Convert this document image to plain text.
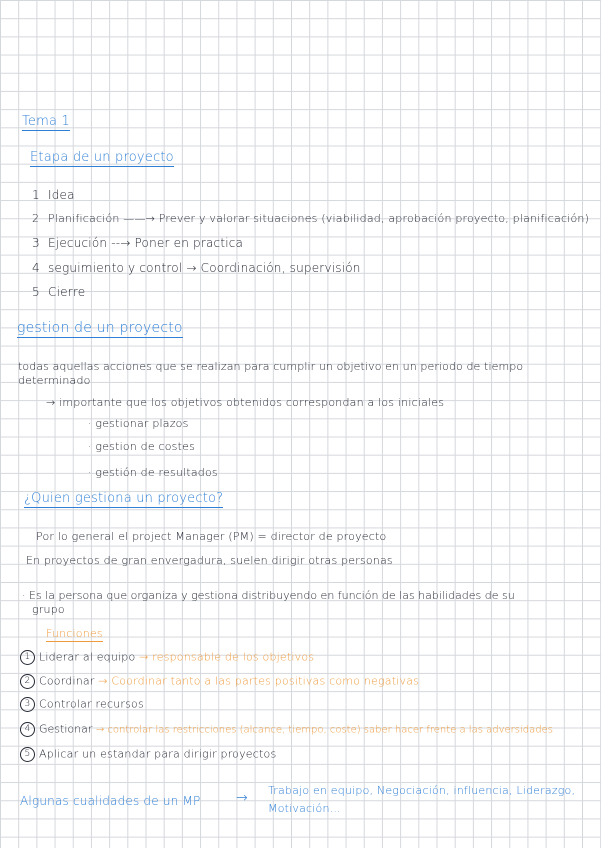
Tema 1
Etapa de un proyecto
1 Idea
2 Planificación ——→ Prever y valorar situaciones (viabilidad, aprobación proyecto, planificación)
3 Ejecución --→ Poner en practica
4 seguimiento y control → Coordinación, supervisión
5 Cierre
gestion de un proyecto
todas aquellas acciones que se realizan para cumplir un objetivo en un periodo de tiempo
determinado
→ importante que los objetivos obtenidos correspondan a los iniciales
· gestionar plazos
· gestion de costes
· gestión de resultados
¿Quien gestiona un proyecto?
Por lo general el project Manager (PM) = director de proyecto
En proyectos de gran envergadura, suelen dirigir otras personas
· Es la persona que organiza y gestiona distribuyendo en función de las habilidades de su
grupo
Funciones
1 Liderar al equipo → responsable de los objetivos
2 Coordinar → Coordinar tanto a las partes positivas como negativas
3 Controlar recursos
4 Gestionar → controlar las restricciones (alcance, tiempo, coste) saber hacer frente a las adversidades
5 Aplicar un estandar para dirigir proyectos
Algunas cualidades de un MP	→ Trabajo en equipo, Negociación, influencia, Liderazgo,
Motivación...
